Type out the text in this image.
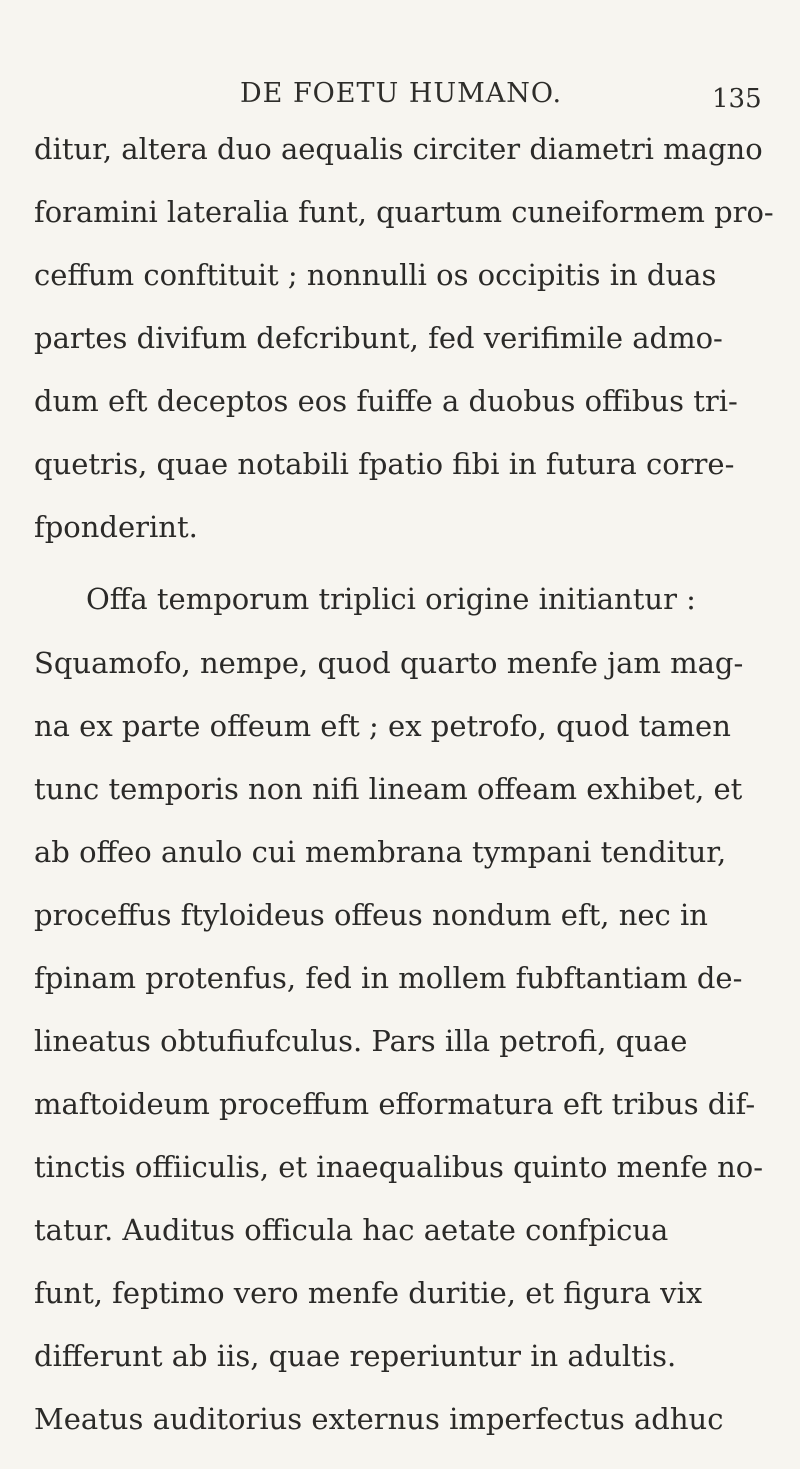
DE FOETU HUMANO.	135
ditur, altera duo aequalis circiter diametri magno
foramini lateralia funt, quartum cuneiformem pro-
ceffum conftituit ; nonnulli os occipitis in duas
partes divifum defcribunt, fed verifimile admo-
dum eft deceptos eos fuiffe a duobus offibus tri-
quetris, quae notabili fpatio fibi in futura corre-
fponderint.
Offa temporum triplici origine initiantur :
Squamofo, nempe, quod quarto menfe jam mag-
na ex parte offeum eft ; ex petrofo, quod tamen
tunc temporis non nifi lineam offeam exhibet, et
ab offeo anulo cui membrana tympani tenditur,
proceffus ftyloideus offeus nondum eft, nec in
fpinam protenfus, fed in mollem fubftantiam de-
lineatus obtufiufculus. Pars illa petrofi, quae
maftoideum proceffum efformatura eft tribus dif-
tinctis offiiculis, et inaequalibus quinto menfe no-
tatur. Auditus officula hac aetate confpicua
funt, feptimo vero menfe duritie, et figura vix
differunt ab iis, quae reperiuntur in adultis.
Meatus auditorius externus imperfectus adhuc
